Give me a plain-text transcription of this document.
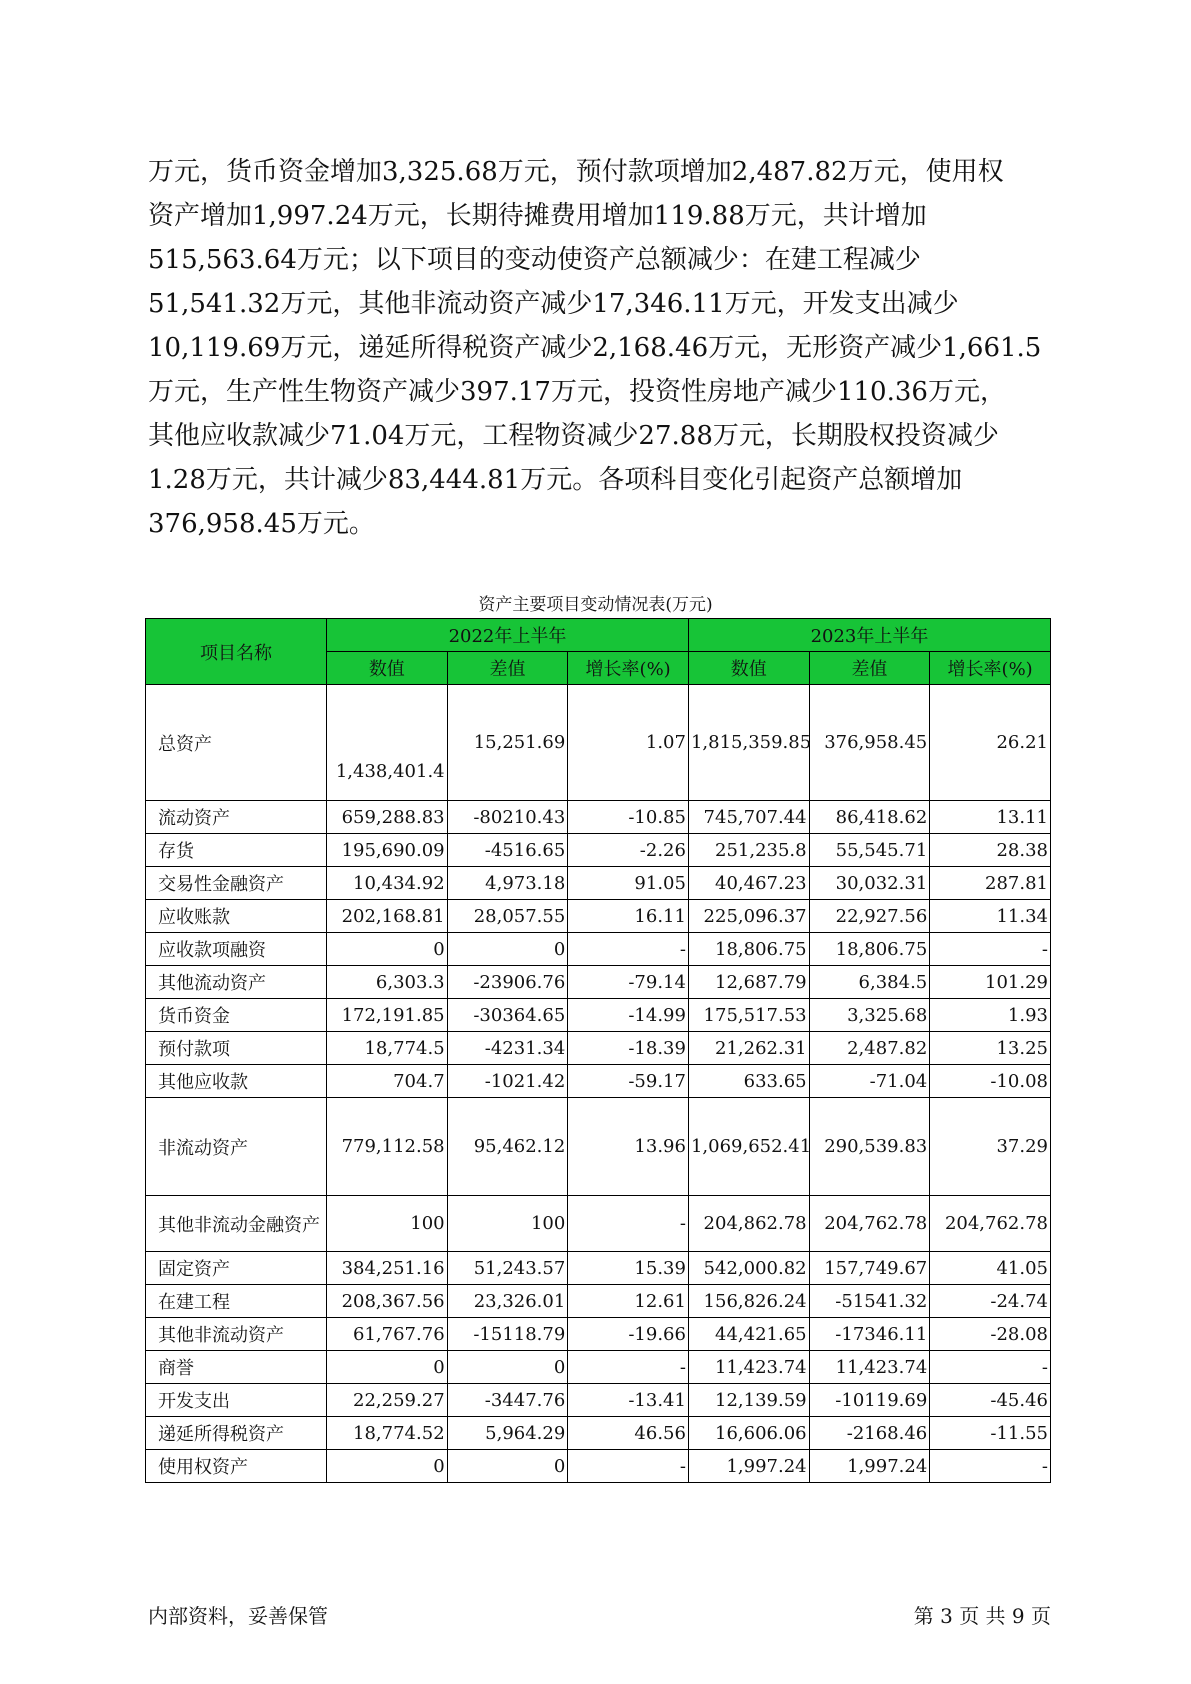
万元，货币资金增加3,325.68万元，预付款项增加2,487.82万元，使用权
资产增加1,997.24万元，长期待摊费用增加119.88万元，共计增加
515,563.64万元；以下项目的变动使资产总额减少：在建工程减少
51,541.32万元，其他非流动资产减少17,346.11万元，开发支出减少
10,119.69万元，递延所得税资产减少2,168.46万元，无形资产减少1,661.5
万元，生产性生物资产减少397.17万元，投资性房地产减少110.36万元，
其他应收款减少71.04万元，工程物资减少27.88万元，长期股权投资减少
1.28万元，共计减少83,444.81万元。各项科目变化引起资产总额增加
376,958.45万元。
资产主要项目变动情况表(万元)
项目名称	2022年上半年			2023年上半年		
	数值	差值	增长率(%)	数值	差值	增长率(%)
总资产	1,438,401.4	15,251.69	1.07	1,815,359.85	376,958.45	26.21
流动资产	659,288.83	-80210.43	-10.85	745,707.44	86,418.62	13.11
存货	195,690.09	-4516.65	-2.26	251,235.8	55,545.71	28.38
交易性金融资产	10,434.92	4,973.18	91.05	40,467.23	30,032.31	287.81
应收账款	202,168.81	28,057.55	16.11	225,096.37	22,927.56	11.34
应收款项融资	0	0	-	18,806.75	18,806.75	-
其他流动资产	6,303.3	-23906.76	-79.14	12,687.79	6,384.5	101.29
货币资金	172,191.85	-30364.65	-14.99	175,517.53	3,325.68	1.93
预付款项	18,774.5	-4231.34	-18.39	21,262.31	2,487.82	13.25
其他应收款	704.7	-1021.42	-59.17	633.65	-71.04	-10.08
非流动资产	779,112.58	95,462.12	13.96	1,069,652.41	290,539.83	37.29
其他非流动金融资产	100	100	-	204,862.78	204,762.78	204,762.78
固定资产	384,251.16	51,243.57	15.39	542,000.82	157,749.67	41.05
在建工程	208,367.56	23,326.01	12.61	156,826.24	-51541.32	-24.74
其他非流动资产	61,767.76	-15118.79	-19.66	44,421.65	-17346.11	-28.08
商誉	0	0	-	11,423.74	11,423.74	-
开发支出	22,259.27	-3447.76	-13.41	12,139.59	-10119.69	-45.46
递延所得税资产	18,774.52	5,964.29	46.56	16,606.06	-2168.46	-11.55
使用权资产	0	0	-	1,997.24	1,997.24	-
内部资料，妥善保管	第 3 页 共 9 页
